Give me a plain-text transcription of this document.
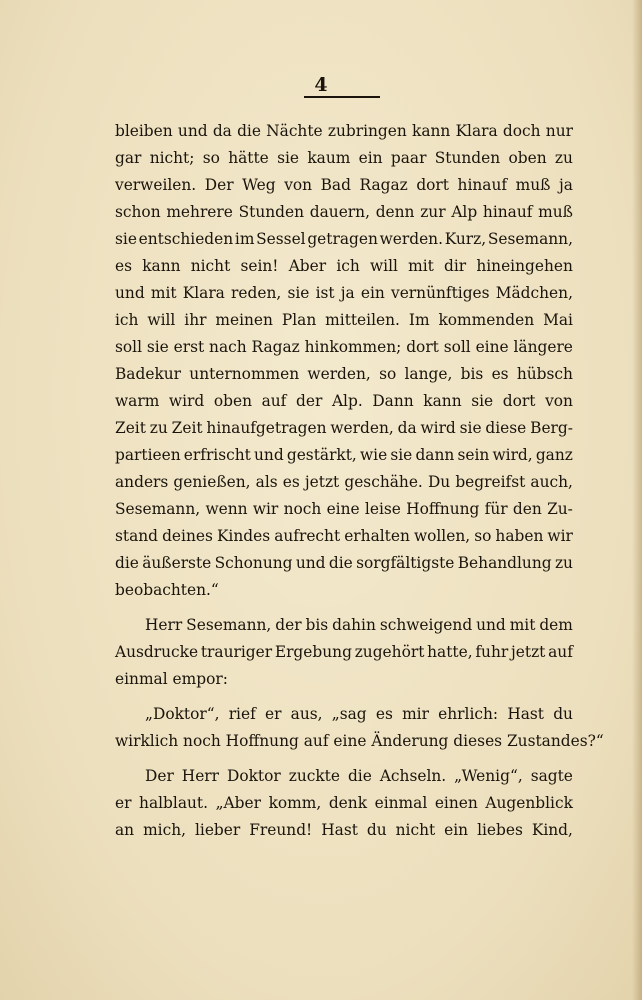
4
bleiben und da die Nächte zubringen kann Klara doch nur
gar nicht; so hätte sie kaum ein paar Stunden oben zu
verweilen. Der Weg von Bad Ragaz dort hinauf muß ja
schon mehrere Stunden dauern, denn zur Alp hinauf muß
sie entschieden im Sessel getragen werden. Kurz, Sesemann,
es kann nicht sein! Aber ich will mit dir hineingehen
und mit Klara reden, sie ist ja ein vernünftiges Mädchen,
ich will ihr meinen Plan mitteilen. Im kommenden Mai
soll sie erst nach Ragaz hinkommen; dort soll eine längere
Badekur unternommen werden, so lange, bis es hübsch
warm wird oben auf der Alp. Dann kann sie dort von
Zeit zu Zeit hinaufgetragen werden, da wird sie diese Berg-
partieen erfrischt und gestärkt, wie sie dann sein wird, ganz
anders genießen, als es jetzt geschähe. Du begreifst auch,
Sesemann, wenn wir noch eine leise Hoffnung für den Zu-
stand deines Kindes aufrecht erhalten wollen, so haben wir
die äußerste Schonung und die sorgfältigste Behandlung zu
beobachten.“
Herr Sesemann, der bis dahin schweigend und mit dem
Ausdrucke trauriger Ergebung zugehört hatte, fuhr jetzt auf
einmal empor:
„Doktor“, rief er aus, „sag es mir ehrlich: Hast du
wirklich noch Hoffnung auf eine Änderung dieses Zustandes?“
Der Herr Doktor zuckte die Achseln. „Wenig“, sagte
er halblaut. „Aber komm, denk einmal einen Augenblick
an mich, lieber Freund! Hast du nicht ein liebes Kind,
